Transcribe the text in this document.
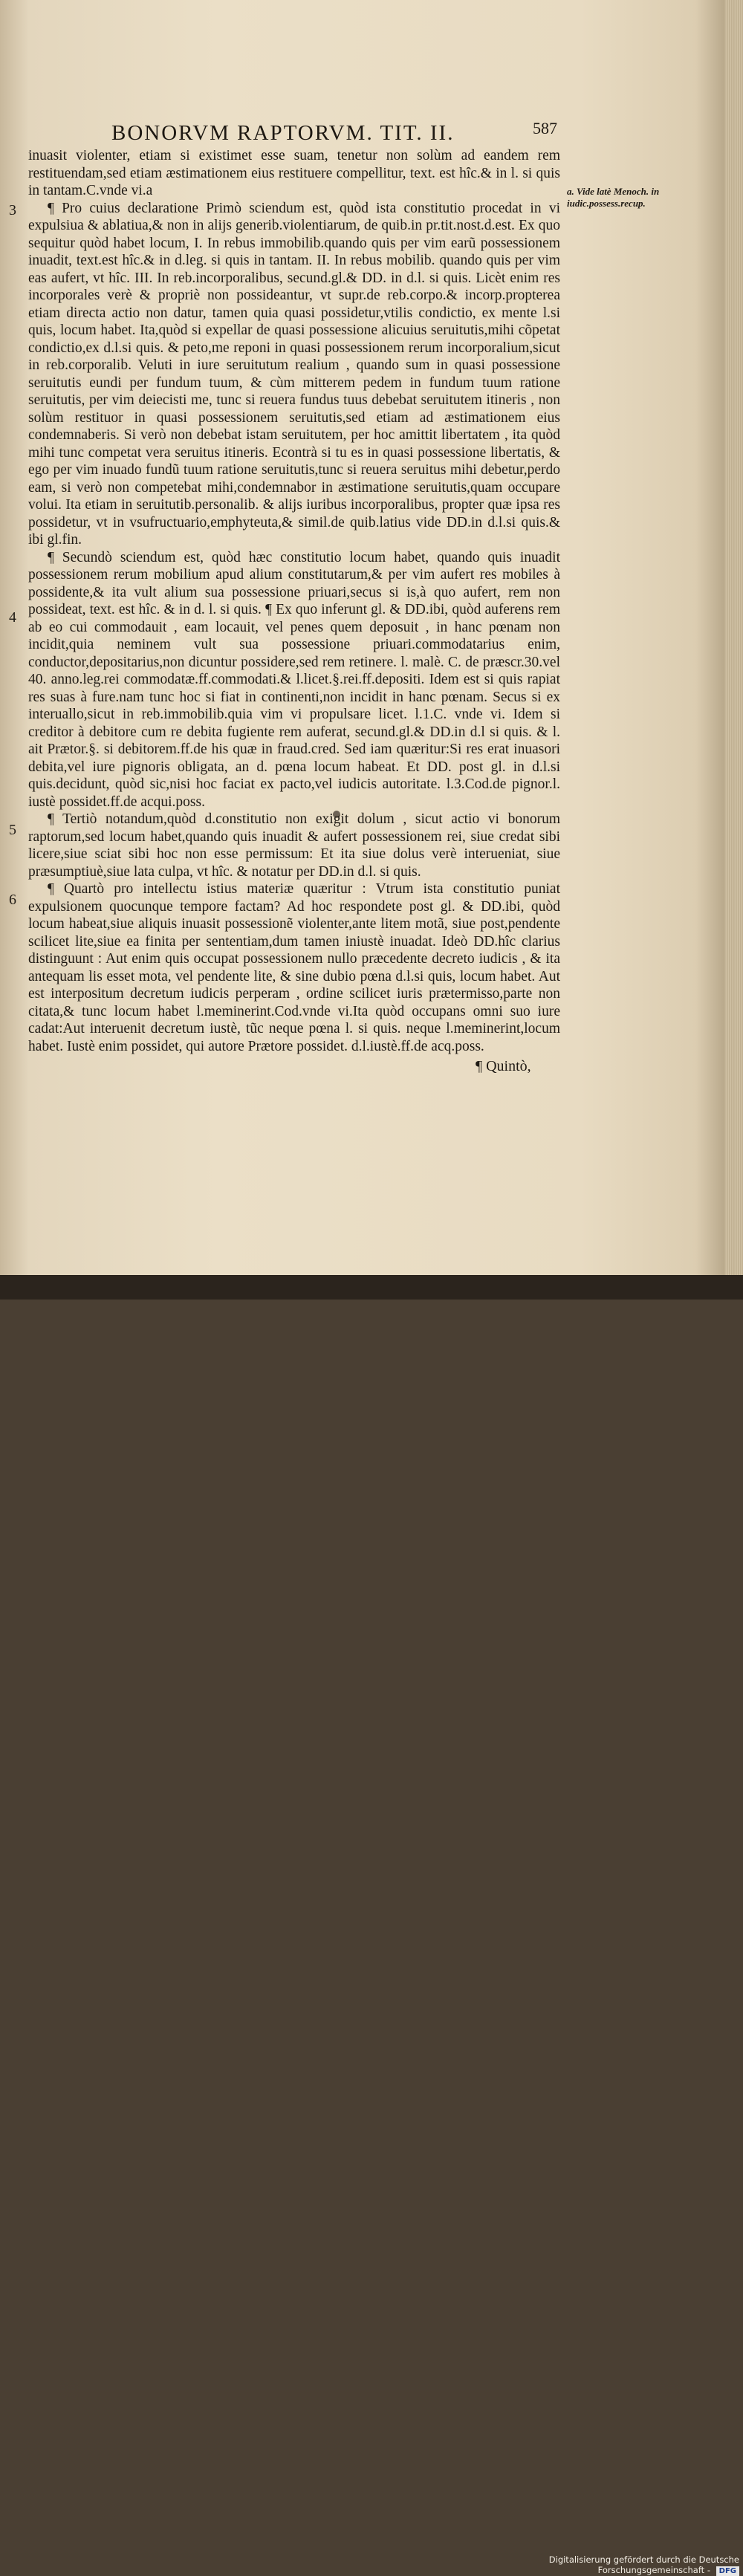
BONORVM RAPTORVM. TIT. II.	587
3
4
5
6
a. Vide latè Menoch. in iudic.possess.recup.

inuasit violenter, etiam si existimet esse suam, tenetur non solùm ad eandem rem restituendam,sed etiam æstimationem eius restituere compellitur, text. est hîc.& in l. si quis in tantam.C.vnde vi.a

¶ Pro cuius declaratione Primò sciendum est, quòd ista constitutio procedat in vi expulsiua & ablatiua,& non in alijs generib.violentiarum, de quib.in pr.tit.nost.d.est. Ex quo sequitur quòd habet locum, I. In rebus immobilib.quando quis per vim earũ possessionem inuadit, text.est hîc.& in d.leg. si quis in tantam. II. In rebus mobilib. quando quis per vim eas aufert, vt hîc. III. In reb.incorporalibus, secund.gl.& DD. in d.l. si quis. Licèt enim res incorporales verè & propriè non possideantur, vt supr.de reb.corpo.& incorp.propterea etiam directa actio non datur, tamen quia quasi possidetur,vtilis condictio, ex mente l.si quis, locum habet. Ita,quòd si expellar de quasi possessione alicuius seruitutis,mihi cõpetat condictio,ex d.l.si quis. & peto,me reponi in quasi possessionem rerum incorporalium,sicut in reb.corporalib. Veluti in iure seruitutum realium , quando sum in quasi possessione seruitutis eundi per fundum tuum, & cùm mitterem pedem in fundum tuum ratione seruitutis, per vim deiecisti me, tunc si reuera fundus tuus debebat seruitutem itineris , non solùm restituor in quasi possessionem seruitutis,sed etiam ad æstimationem eius condemnaberis. Si verò non debebat istam seruitutem, per hoc amittit libertatem , ita quòd mihi tunc competat vera seruitus itineris. Econtrà si tu es in quasi possessione libertatis, & ego per vim inuado fundũ tuum ratione seruitutis,tunc si reuera seruitus mihi debetur,perdo eam, si verò non competebat mihi,condemnabor in æstimatione seruitutis,quam occupare volui. Ita etiam in seruitutib.personalib. & alijs iuribus incorporalibus, propter quæ ipsa res possidetur, vt in vsufructuario,emphyteuta,& simil.de quib.latius vide DD.in d.l.si quis.& ibi gl.fin.

¶ Secundò sciendum est, quòd hæc constitutio locum habet, quando quis inuadit possessionem rerum mobilium apud alium constitutarum,& per vim aufert res mobiles à possidente,& ita vult alium sua possessione priuari,secus si is,à quo aufert, rem non possideat, text. est hîc. & in d. l. si quis. ¶ Ex quo inferunt gl. & DD.ibi, quòd auferens rem ab eo cui commodauit , eam locauit, vel penes quem deposuit , in hanc pœnam non incidit,quia neminem vult sua possessione priuari.commodatarius enim, conductor,depositarius,non dicuntur possidere,sed rem retinere. l. malè. C. de præscr.30.vel 40. anno.leg.rei commodatæ.ff.commodati.& l.licet.§.rei.ff.depositi. Idem est si quis rapiat res suas à fure.nam tunc hoc si fiat in continenti,non incidit in hanc pœnam. Secus si ex interuallo,sicut in reb.immobilib.quia vim vi propulsare licet. l.1.C. vnde vi. Idem si creditor à debitore cum re debita fugiente rem auferat, secund.gl.& DD.in d.l si quis. & l. ait Prætor.§. si debitorem.ff.de his quæ in fraud.cred. Sed iam quæritur:Si res erat inuasori debita,vel iure pignoris obligata, an d. pœna locum habeat. Et DD. post gl. in d.l.si quis.decidunt, quòd sic,nisi hoc faciat ex pacto,vel iudicis autoritate. l.3.Cod.de pignor.l. iustè possidet.ff.de acqui.poss.

¶ Tertiò notandum,quòd d.constitutio non exigit dolum , sicut actio vi bonorum raptorum,sed locum habet,quando quis inuadit & aufert possessionem rei, siue credat sibi licere,siue sciat sibi hoc non esse permissum: Et ita siue dolus verè interueniat, siue præsumptiuè,siue lata culpa, vt hîc. & notatur per DD.in d.l. si quis.

¶ Quartò pro intellectu istius materiæ quæritur : Vtrum ista constitutio puniat expulsionem quocunque tempore factam? Ad hoc respondete post gl. & DD.ibi, quòd locum habeat,siue aliquis inuasit possessionẽ violenter,ante litem motã, siue post,pendente scilicet lite,siue ea finita per sententiam,dum tamen iniustè inuadat. Ideò DD.hîc clarius distinguunt : Aut enim quis occupat possessionem nullo præcedente decreto iudicis , & ita antequam lis esset mota, vel pendente lite, & sine dubio pœna d.l.si quis, locum habet. Aut est interpositum decretum iudicis perperam , ordine scilicet iuris prætermisso,parte non citata,& tunc locum habet l.meminerint.Cod.vnde vi.Ita quòd occupans omni suo iure cadat:Aut interuenit decretum iustè, tũc neque pœna l. si quis. neque l.meminerint,locum habet. Iustè enim possidet, qui autore Prætore possidet. d.l.iustè.ff.de acq.poss.

¶ Quintò,
Digitalisierung gefördert durch die Deutsche Forschungsgemeinschaft - DFG
